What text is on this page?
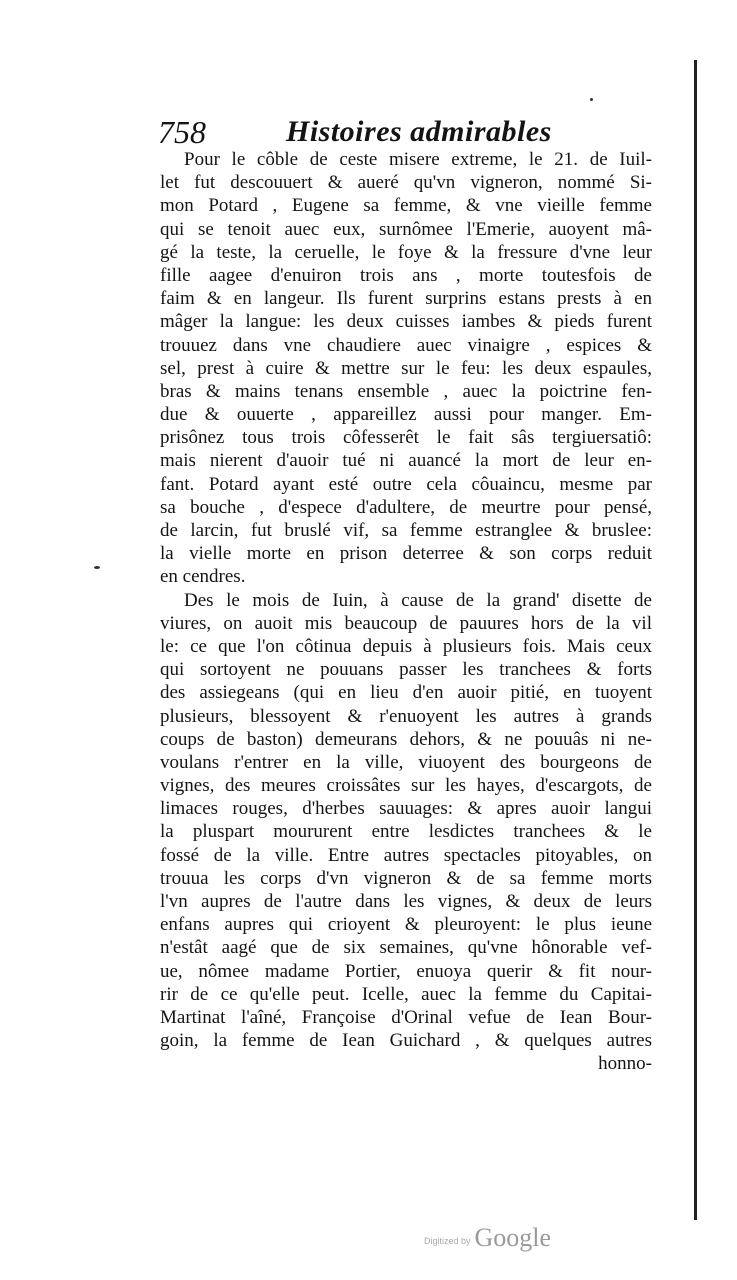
758	Histoires admirables
Pour le côble de ceste misere extreme, le 21. de Iuil-
let fut descouuert & aueré qu'vn vigneron, nommé Si-
mon Potard , Eugene sa femme, & vne vieille femme
qui se tenoit auec eux, surnômee l'Emerie, auoyent mâ-
gé la teste, la ceruelle, le foye & la fressure d'vne leur
fille aagee d'enuiron trois ans , morte toutesfois de
faim & en langeur. Ils furent surprins estans prests à en
mâger la langue: les deux cuisses iambes & pieds furent
trouuez dans vne chaudiere auec vinaigre , espices &
sel, prest à cuire & mettre sur le feu: les deux espaules,
bras & mains tenans ensemble , auec la poictrine fen-
due & ouuerte , appareillez aussi pour manger. Em-
prisônez tous trois côfesserêt le fait sâs tergiuersatiô:
mais nierent d'auoir tué ni auancé la mort de leur en-
fant. Potard ayant esté outre cela côuaincu, mesme par
sa bouche , d'espece d'adultere, de meurtre pour pensé,
de larcin, fut bruslé vif, sa femme estranglee & bruslee:
la vielle morte en prison deterree & son corps reduit
en cendres.
Des le mois de Iuin, à cause de la grand' disette de
viures, on auoit mis beaucoup de pauures hors de la vil
le: ce que l'on côtinua depuis à plusieurs fois. Mais ceux
qui sortoyent ne pouuans passer les tranchees & forts
des assiegeans (qui en lieu d'en auoir pitié, en tuoyent
plusieurs, blessoyent & r'enuoyent les autres à grands
coups de baston) demeurans dehors, & ne pouuâs ni ne-
voulans r'entrer en la ville, viuoyent des bourgeons de
vignes, des meures croissâtes sur les hayes, d'escargots, de
limaces rouges, d'herbes sauuages: & apres auoir langui
la pluspart moururent entre lesdictes tranchees & le
fossé de la ville. Entre autres spectacles pitoyables, on
trouua les corps d'vn vigneron & de sa femme morts
l'vn aupres de l'autre dans les vignes, & deux de leurs
enfans aupres qui crioyent & pleuroyent: le plus ieune
n'estât aagé que de six semaines, qu'vne hônorable vef-
ue, nômee madame Portier, enuoya querir & fit nour-
rir de ce qu'elle peut. Icelle, auec la femme du Capitai-
Martinat l'aîné, Françoise d'Orinal vefue de Iean Bour-
goin, la femme de Iean Guichard , & quelques autres
honno-
Digitized by Google
